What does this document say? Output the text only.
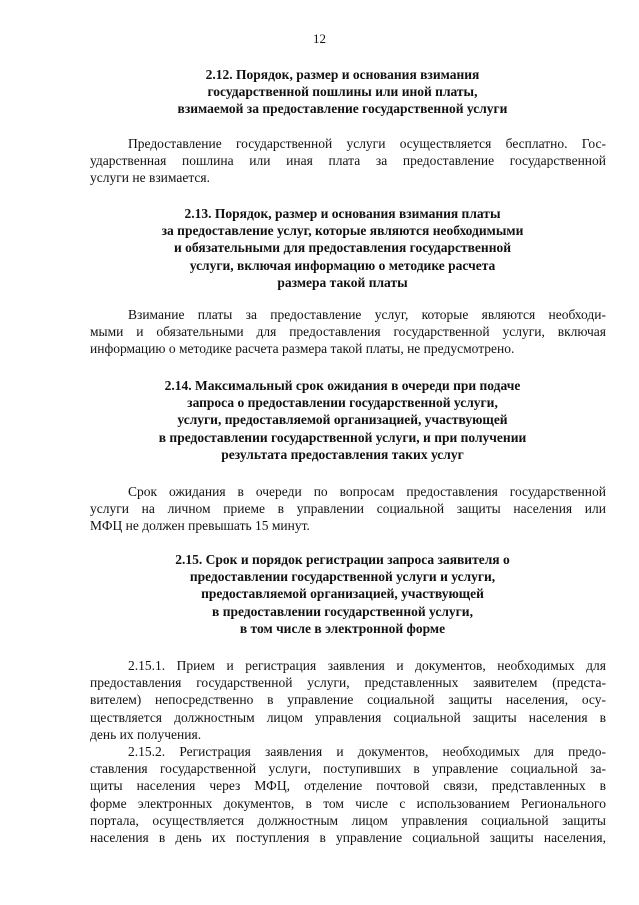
12
2.12. Порядок, размер и основания взимания
государственной пошлины или иной платы,
взимаемой за предоставление государственной услуги
Предоставление государственной услуги осуществляется бесплатно. Гос-
ударственная пошлина или иная плата за предоставление государственной
услуги не взимается.
2.13. Порядок, размер и основания взимания платы
за предоставление услуг, которые являются необходимыми
и обязательными для предоставления государственной
услуги, включая информацию о методике расчета
размера такой платы
Взимание платы за предоставление услуг, которые являются необходи-
мыми и обязательными для предоставления государственной услуги, включая
информацию о методике расчета размера такой платы, не предусмотрено.
2.14. Максимальный срок ожидания в очереди при подаче
запроса о предоставлении государственной услуги,
услуги, предоставляемой организацией, участвующей
в предоставлении государственной услуги, и при получении
результата предоставления таких услуг
Срок ожидания в очереди по вопросам предоставления государственной
услуги на личном приеме в управлении социальной защиты населения или
МФЦ не должен превышать 15 минут.
2.15. Срок и порядок регистрации запроса заявителя о
предоставлении государственной услуги и услуги,
предоставляемой организацией, участвующей
в предоставлении государственной услуги,
в том числе в электронной форме
2.15.1. Прием и регистрация заявления и документов, необходимых для
предоставления государственной услуги, представленных заявителем (предста-
вителем) непосредственно в управление социальной защиты населения, осу-
ществляется должностным лицом управления социальной защиты населения в
день их получения.
2.15.2. Регистрация заявления и документов, необходимых для предо-
ставления государственной услуги, поступивших в управление социальной за-
щиты населения через МФЦ, отделение почтовой связи, представленных в
форме электронных документов, в том числе с использованием Регионального
портала, осуществляется должностным лицом управления социальной защиты
населения в день их поступления в управление социальной защиты населения,
